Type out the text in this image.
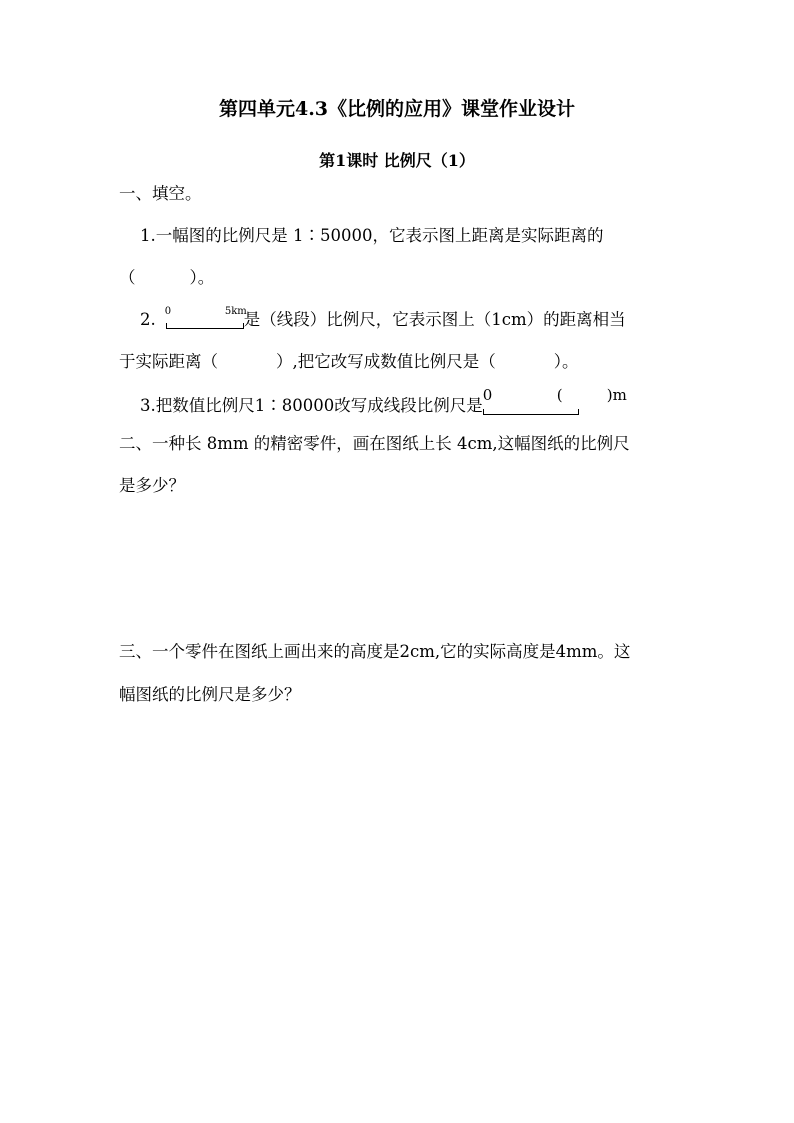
第四单元4.3《比例的应用》课堂作业设计
第1课时 比例尺（1）
一、填空。
1.一幅图的比例尺是 1∶50000，它表示图上距离是实际距离的
（	）。
2. 0	5km
是（线段）比例尺，它表示图上（1cm）的距离相当
于实际距离（	）,把它改写成数值比例尺是（	）。
3.把数值比例尺1∶80000改写成线段比例尺是
0	(	)m
二、一种长 8mm 的精密零件，画在图纸上长 4cm,这幅图纸的比例尺
是多少？
三、一个零件在图纸上画出来的高度是2cm,它的实际高度是4mm。这
幅图纸的比例尺是多少？
